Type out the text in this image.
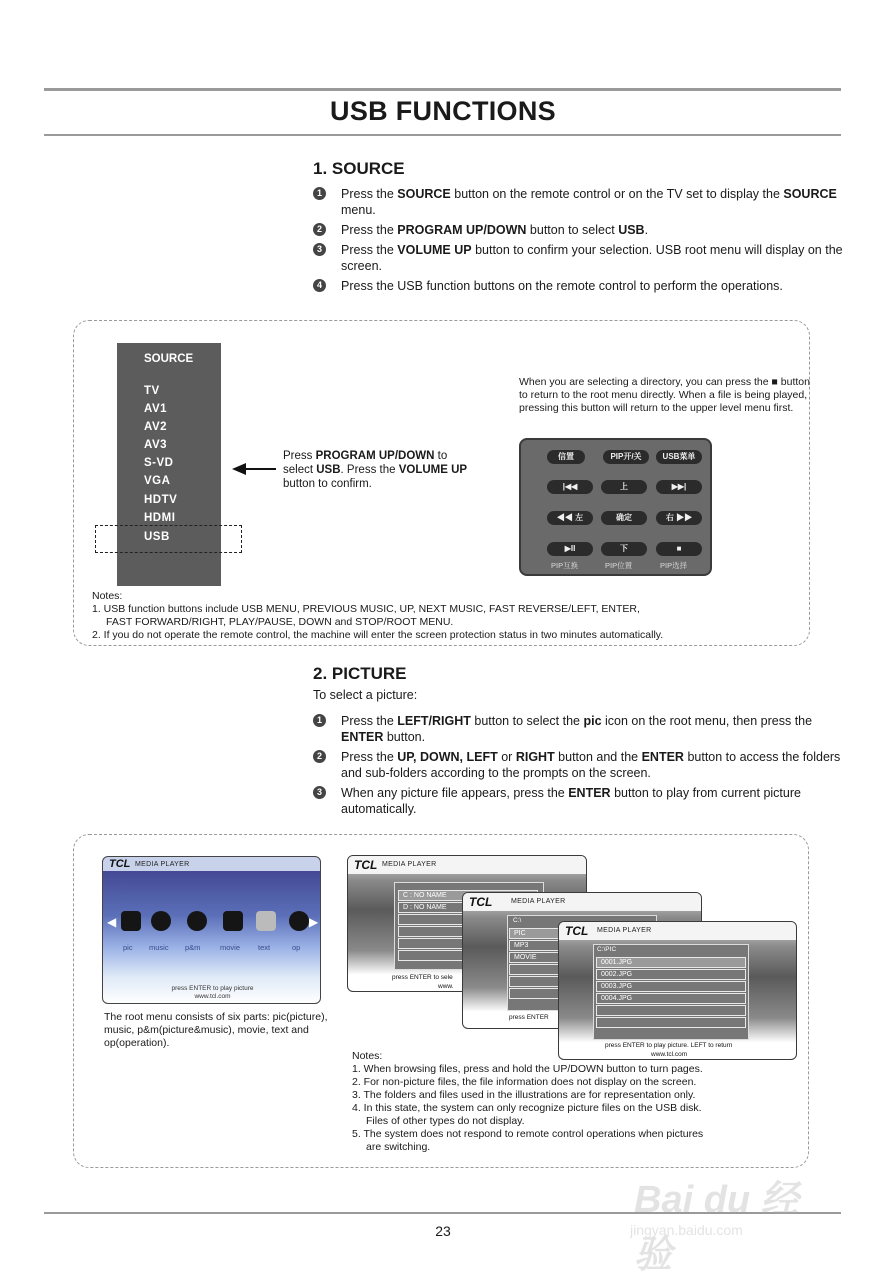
USB FUNCTIONS
1. SOURCE
1	Press the SOURCE button on the remote control or on the TV set to display the SOURCE menu.
2	Press the PROGRAM UP/DOWN button to select USB.
3	Press the VOLUME UP button to confirm your selection. USB root menu will display on the screen.
4	Press the USB function buttons on the remote control to perform the operations.
SOURCE
TV
AV1
AV2
AV3
S-VD
VGA
HDTV
HDMI
USB
Press PROGRAM UP/DOWN to select USB. Press the VOLUME UP button to confirm.
When you are selecting a directory, you can press the ■ button to return to the root menu directly. When a file is being played, pressing this button will return to the upper level menu first.
信置	PIP开/关	USB菜单
|◀◀	上	▶▶|
◀◀ 左	确定	右 ▶▶
▶II	下	■
PIP互换	PIP位置	PIP选择
Notes:
1. USB function buttons include USB MENU, PREVIOUS MUSIC, UP, NEXT MUSIC, FAST REVERSE/LEFT, ENTER,
FAST FORWARD/RIGHT, PLAY/PAUSE, DOWN and STOP/ROOT MENU.
2. If you do not operate the remote control, the machine will enter the screen protection status in two minutes automatically.
2. PICTURE
To select a picture:
1	Press the LEFT/RIGHT button to select the pic icon on the root menu, then press the ENTER button.
2	Press the UP, DOWN, LEFT or RIGHT button and the ENTER button to access the folders and sub-folders according to the prompts on the screen.
3	When any picture file appears, press the ENTER button to play from current picture automatically.
TCL MEDIA PLAYER
◀	▶
pic music p&m	movie text	op
press ENTER to play picture
www.tcl.com
TCL MEDIA PLAYER
C : NO NAME
D : NO NAME
press ENTER to sele
www.
TCL	MEDIA PLAYER
C:\
PIC
MP3
MOVIE
press ENTER
TCL MEDIA PLAYER
C:\PIC
0001.JPG
0002.JPG
0003.JPG
0004.JPG
press ENTER to play picture. LEFT to return
www.tcl.com
The root menu consists of six parts: pic(picture), music, p&m(picture&music), movie, text and op(operation).
Notes:
1. When browsing files, press and hold the UP/DOWN button to turn pages.
2. For non-picture files, the file information does not display on the screen.
3. The folders and files used in the illustrations are for representation only.
4. In this state, the system can only recognize picture files on the USB disk.
Files of other types do not display.
5. The system does not respond to remote control operations when pictures
are switching.
23
Bai du 经验
jingyan.baidu.com
